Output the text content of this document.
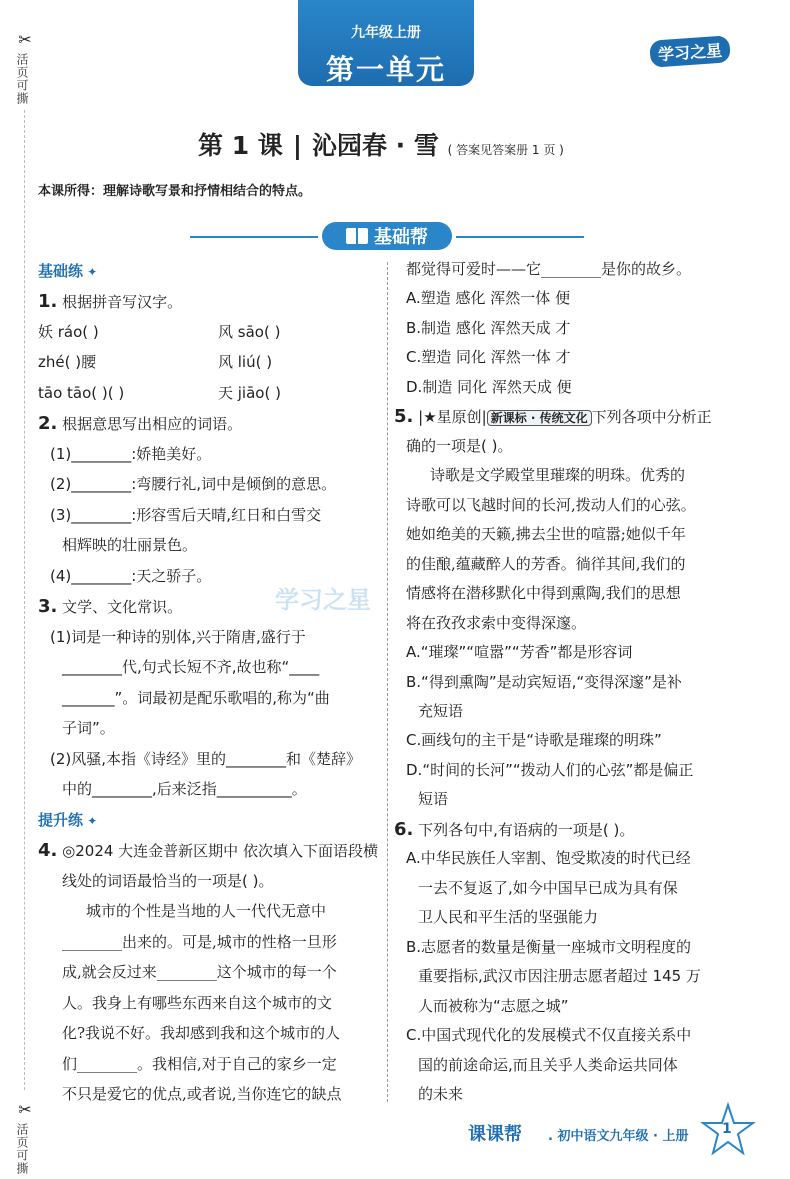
✂
活页可撕
✂
活页可撕
九年级上册
第一单元
学习之星
第 1 课 | 沁园春 · 雪 ( 答案见答案册 1 页 )
本课所得：理解诗歌写景和抒情相结合的特点。
基础帮
学习之星
基础练 ✦
1. 根据拼音写汉字。
妖 ráo( )	风 sāo( )
zhé( )腰	风 liú( )
tāo tāo( )( )	天 jiāo( )
2. 根据意思写出相应的词语。
(1)________:娇艳美好。
(2)________:弯腰行礼,词中是倾倒的意思。
(3)________:形容雪后天晴,红日和白雪交
相辉映的壮丽景色。
(4)________:天之骄子。
3. 文学、文化常识。
(1)词是一种诗的别体,兴于隋唐,盛行于
________代,句式长短不齐,故也称“____
_______”。词最初是配乐歌唱的,称为“曲
子词”。
(2)风骚,本指《诗经》里的________和《楚辞》
中的________,后来泛指__________。
提升练 ✦
4. ◎2024 大连金普新区期中 依次填入下面语段横
线处的词语最恰当的一项是( )。
城市的个性是当地的人一代代无意中
________出来的。可是,城市的性格一旦形
成,就会反过来________这个城市的每一个
人。我身上有哪些东西来自这个城市的文
化?我说不好。我却感到我和这个城市的人
们________。我相信,对于自己的家乡一定
不只是爱它的优点,或者说,当你连它的缺点
都觉得可爱时——它________是你的故乡。
A.塑造 感化 浑然一体 便
B.制造 感化 浑然天成 才
C.塑造 同化 浑然一体 才
D.制造 同化 浑然天成 便
5. |★星原创| 新课标 · 传统文化 下列各项中分析正
确的一项是( )。
诗歌是文学殿堂里璀璨的明珠。优秀的
诗歌可以飞越时间的长河,拨动人们的心弦。
她如绝美的天籁,拂去尘世的喧嚣;她似千年
的佳酿,蕴藏醉人的芳香。徜徉其间,我们的
情感将在潜移默化中得到熏陶,我们的思想
将在孜孜求索中变得深邃。
A.“璀璨”“喧嚣”“芳香”都是形容词
B.“得到熏陶”是动宾短语,“变得深邃”是补
充短语
C.画线句的主干是“诗歌是璀璨的明珠”
D.“时间的长河”“拨动人们的心弦”都是偏正
短语
6. 下列各句中,有语病的一项是( )。
A.中华民族任人宰割、饱受欺凌的时代已经
一去不复返了,如今中国早已成为具有保
卫人民和平生活的坚强能力
B.志愿者的数量是衡量一座城市文明程度的
重要指标,武汉市因注册志愿者超过 145 万
人而被称为“志愿之城”
C.中国式现代化的发展模式不仅直接关系中
国的前途命运,而且关乎人类命运共同体
的未来
课课帮 . 初中语文九年级 · 上册 1
